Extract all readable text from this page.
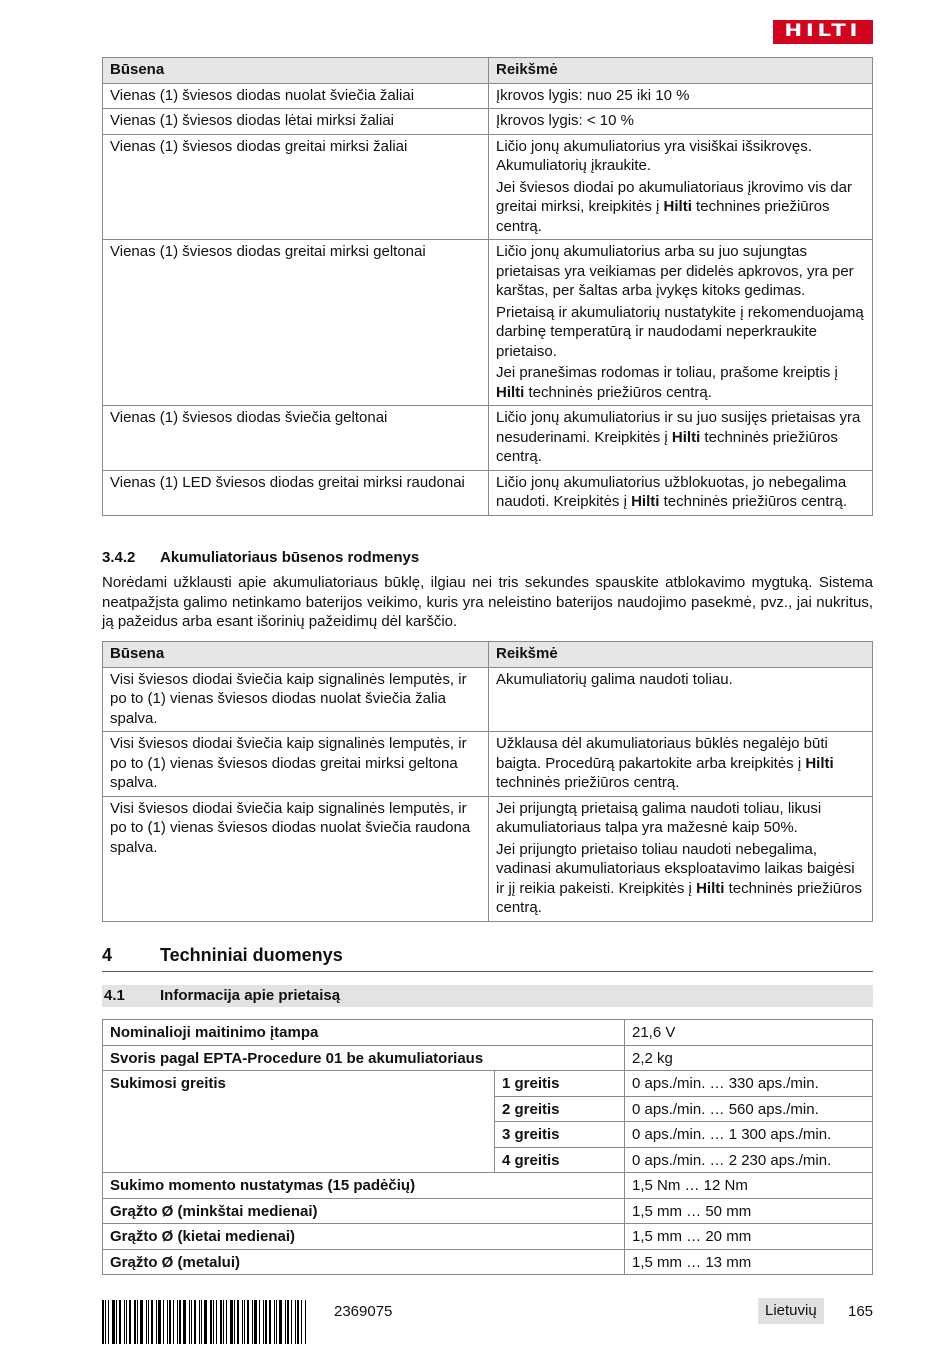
HILTI
Būsena	Reikšmė
Vienas (1) šviesos diodas nuolat šviečia žaliai	Įkrovos lygis: nuo 25 iki 10 %

Vienas (1) šviesos diodas lėtai mirksi žaliai	Įkrovos lygis: < 10 %

Vienas (1) šviesos diodas greitai mirksi žaliai	Ličio jonų akumuliatorius yra visiškai išsikrovęs. Akumuliatorių įkraukite.

Jei šviesos diodai po akumuliatoriaus įkrovimo vis dar greitai mirksi, kreipkitės į Hilti technines priežiūros centrą.

Vienas (1) šviesos diodas greitai mirksi geltonai	Ličio jonų akumuliatorius arba su juo sujungtas prietaisas yra veikiamas per didelės apkrovos, yra per karštas, per šaltas arba įvykęs kitoks gedimas.

Prietaisą ir akumuliatorių nustatykite į rekomenduojamą darbinę temperatūrą ir naudodami neperkraukite prietaiso.

Jei pranešimas rodomas ir toliau, prašome kreiptis į Hilti techninės priežiūros centrą.

Vienas (1) šviesos diodas šviečia geltonai	Ličio jonų akumuliatorius ir su juo susijęs prietaisas yra nesuderinami. Kreipkitės į Hilti techninės priežiūros centrą.

Vienas (1) LED šviesos diodas greitai mirksi raudonai	Ličio jonų akumuliatorius užblokuotas, jo nebegalima naudoti. Kreipkitės į Hilti techninės priežiūros centrą.

3.4.2 Akumuliatoriaus būsenos rodmenys
Norėdami užklausti apie akumuliatoriaus būklę, ilgiau nei tris sekundes spauskite atblokavimo mygtuką. Sistema neatpažįsta galimo netinkamo baterijos veikimo, kuris yra neleistino baterijos naudojimo pasekmė, pvz., jai nukritus, ją pažeidus arba esant išorinių pažeidimų dėl karščio.
Būsena	Reikšmė
Visi šviesos diodai šviečia kaip signalinės lemputės, ir po to (1) vienas šviesos diodas nuolat šviečia žalia spalva.	Akumuliatorių galima naudoti toliau.

Visi šviesos diodai šviečia kaip signalinės lemputės, ir po to (1) vienas šviesos diodas greitai mirksi geltona spalva.	Užklausa dėl akumuliatoriaus būklės negalėjo būti baigta. Procedūrą pakartokite arba kreipkitės į Hilti techninės priežiūros centrą.

Visi šviesos diodai šviečia kaip signalinės lemputės, ir po to (1) vienas šviesos diodas nuolat šviečia raudona spalva.	Jei prijungtą prietaisą galima naudoti toliau, likusi akumuliatoriaus talpa yra mažesnė kaip 50%.

Jei prijungto prietaiso toliau naudoti nebegalima, vadinasi akumuliatoriaus eksploatavimo laikas baigėsi ir jį reikia pakeisti. Kreipkitės į Hilti techninės priežiūros centrą.

4	Techniniai duomenys
4.1 Informacija apie prietaisą
Nominalioji maitinimo įtampa		21,6 V
Svoris pagal EPTA-Procedure 01 be akumuliatoriaus		2,2 kg
Sukimosi greitis	1 greitis	0 aps./min. … 330 aps./min.
	2 greitis	0 aps./min. … 560 aps./min.
	3 greitis	0 aps./min. … 1 300 aps./min.
	4 greitis	0 aps./min. … 2 230 aps./min.
Sukimo momento nustatymas (15 padėčių)		1,5 Nm … 12 Nm
Grąžto Ø (minkštai medienai)		1,5 mm … 50 mm
Grąžto Ø (kietai medienai)		1,5 mm … 20 mm
Grąžto Ø (metalui)		1,5 mm … 13 mm
2369075	Lietuvių	165
